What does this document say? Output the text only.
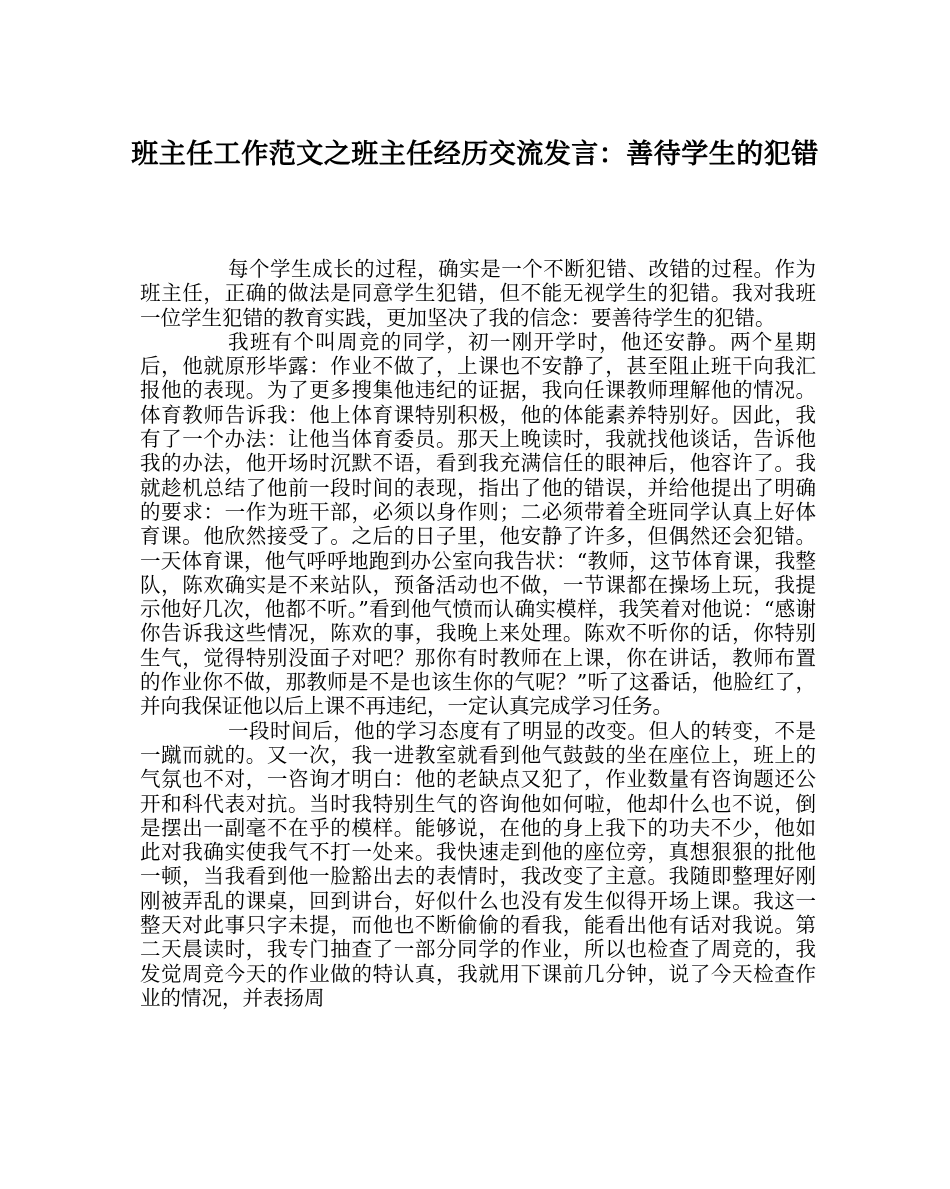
班主任工作范文之班主任经历交流发言：善待学生的犯错

每个学生成长的过程，确实是一个不断犯错、改错的过程。作为班主任，正确的做法是同意学生犯错，但不能无视学生的犯错。我对我班一位学生犯错的教育实践，更加坚决了我的信念：要善待学生的犯错。

我班有个叫周竞的同学，初一刚开学时，他还安静。两个星期后，他就原形毕露：作业不做了，上课也不安静了，甚至阻止班干向我汇报他的表现。为了更多搜集他违纪的证据，我向任课教师理解他的情况。体育教师告诉我：他上体育课特别积极，他的体能素养特别好。因此，我有了一个办法：让他当体育委员。那天上晚读时，我就找他谈话，告诉他我的办法，他开场时沉默不语，看到我充满信任的眼神后，他容许了。我就趁机总结了他前一段时间的表现，指出了他的错误，并给他提出了明确的要求：一作为班干部，必须以身作则；二必须带着全班同学认真上好体育课。他欣然接受了。之后的日子里，他安静了许多，但偶然还会犯错。一天体育课，他气呼呼地跑到办公室向我告状：“教师，这节体育课，我整队，陈欢确实是不来站队，预备活动也不做，一节课都在操场上玩，我提示他好几次，他都不听。”看到他气愤而认确实模样，我笑着对他说：“感谢你告诉我这些情况，陈欢的事，我晚上来处理。陈欢不听你的话，你特别生气，觉得特别没面子对吧？那你有时教师在上课，你在讲话，教师布置的作业你不做，那教师是不是也该生你的气呢？”听了这番话，他脸红了，并向我保证他以后上课不再违纪，一定认真完成学习任务。

一段时间后，他的学习态度有了明显的改变。但人的转变，不是一蹴而就的。又一次，我一进教室就看到他气鼓鼓的坐在座位上，班上的气氛也不对，一咨询才明白：他的老缺点又犯了，作业数量有咨询题还公开和科代表对抗。当时我特别生气的咨询他如何啦，他却什么也不说，倒是摆出一副毫不在乎的模样。能够说，在他的身上我下的功夫不少，他如此对我确实使我气不打一处来。我快速走到他的座位旁，真想狠狠的批他一顿，当我看到他一脸豁出去的表情时，我改变了主意。我随即整理好刚刚被弄乱的课桌，回到讲台，好似什么也没有发生似得开场上课。我这一整天对此事只字未提，而他也不断偷偷的看我，能看出他有话对我说。第二天晨读时，我专门抽查了一部分同学的作业，所以也检查了周竞的，我发觉周竞今天的作业做的特认真，我就用下课前几分钟，说了今天检查作业的情况，并表扬周
